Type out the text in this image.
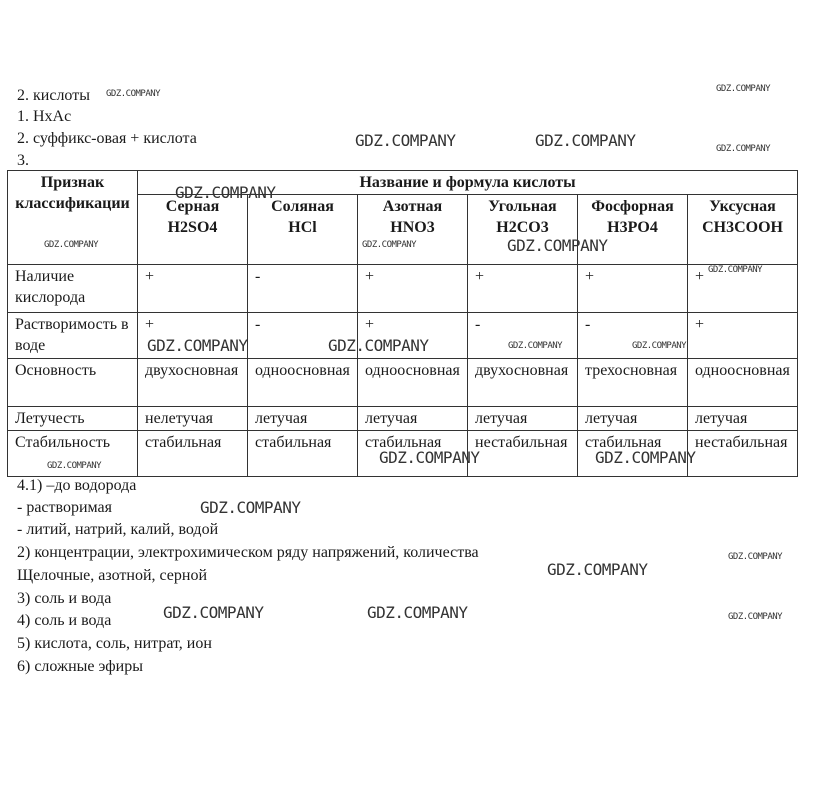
2. кислоты
1. HxAc
2. суффикс-овая + кислота
3.
Признак классификации	Название и формула кислоты					
	Серная H2SO4	Соляная HCl	Азотная HNO3	Угольная H2CO3	Фосфорная H3PO4	Уксусная CH3COOH
Наличие кислорода	+	-	+	+	+	+
Растворимость в воде	+	-	+	-	-	+
Основность	двухосновная	одноосновная	одноосновная	двухосновная	трехосновная	одноосновная
Летучесть	нелетучая	летучая	летучая	летучая	летучая	летучая
Стабильность	стабильная	стабильная	стабильная	нестабильная	стабильная	нестабильная
4.1) –до водорода
- растворимая
- литий, натрий, калий, водой
2) концентрации, электрохимическом ряду напряжений, количества
Щелочные, азотной, серной
3) соль и вода
4) соль и вода
5) кислота, соль, нитрат, ион
6) сложные эфиры
GDZ.COMPANY	GDZ.COMPANY
GDZ.COMPANY	GDZ.COMPANY	GDZ.COMPANY
GDZ.COMPANY
GDZ.COMPANY	GDZ.COMPANY	GDZ.COMPANY
GDZ.COMPANY
GDZ.COMPANY	GDZ.COMPANY	GDZ.COMPANY	GDZ.COMPANY
GDZ.COMPANY	GDZ.COMPANY
GDZ.COMPANY
GDZ.COMPANY
GDZ.COMPANY
GDZ.COMPANY
GDZ.COMPANY	GDZ.COMPANY	GDZ.COMPANY
